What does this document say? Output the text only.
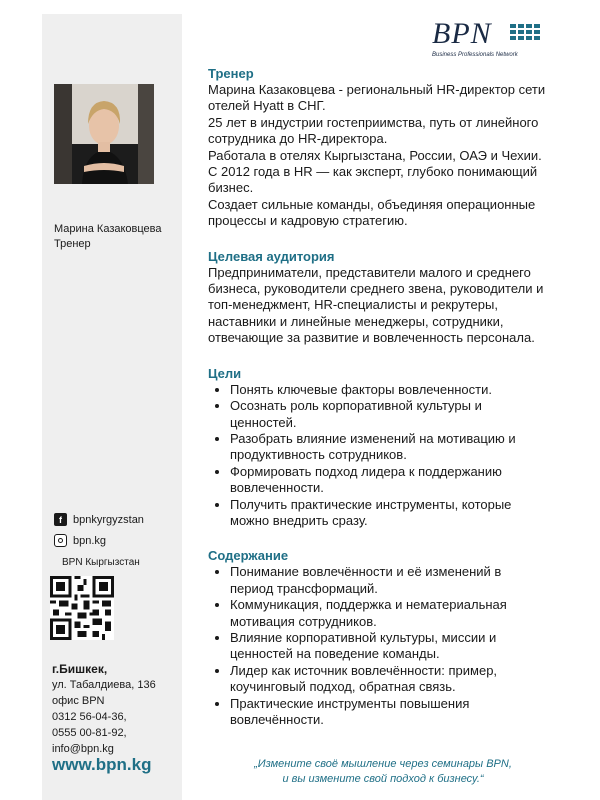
Марина Казаковцева
Тренер
f	bpnkyrgyzstan
bpn.kg
BPN Кыргызстан
г.Бишкек,
ул. Табалдиева, 136
офис BPN
0312 56-04-36,
0555 00-81-92,
info@bpn.kg
www.bpn.kg
BPN
Business Professionals Network
Тренер

Марина Казаковцева - региональный HR-директор сети отелей Hyatt в СНГ.

25 лет в индустрии гостеприимства, путь от линейного сотрудника до HR-директора.

Работала в отелях Кыргызстана, России, ОАЭ и Чехии.

С 2012 года в HR — как эксперт, глубоко понимающий бизнес.

Создает сильные команды, объединяя операционные процессы и кадровую стратегию.

Целевая аудитория

Предприниматели, представители малого и среднего бизнеса, руководители среднего звена, руководители и топ-менеджмент, HR-специалисты и рекрутеры, наставники и линейные менеджеры, сотрудники, отвечающие за развитие и вовлеченность персонала.

Цели
• Понять ключевые факторы вовлеченности.
• Осознать роль корпоративной культуры и ценностей.
• Разобрать влияние изменений на мотивацию и продуктивность сотрудников.
• Формировать подход лидера к поддержанию вовлеченности.
• Получить практические инструменты, которые можно внедрить сразу.
Содержание
• Понимание вовлечённости и её изменений в период трансформаций.
• Коммуникация, поддержка и нематериальная мотивация сотрудников.
• Влияние корпоративной культуры, миссии и ценностей на поведение команды.
• Лидер как источник вовлечённости: пример, коучинговый подход, обратная связь.
• Практические инструменты повышения вовлечённости.
„Измените своё мышление через семинары BPN,
и вы измените свой подход к бизнесу.“
